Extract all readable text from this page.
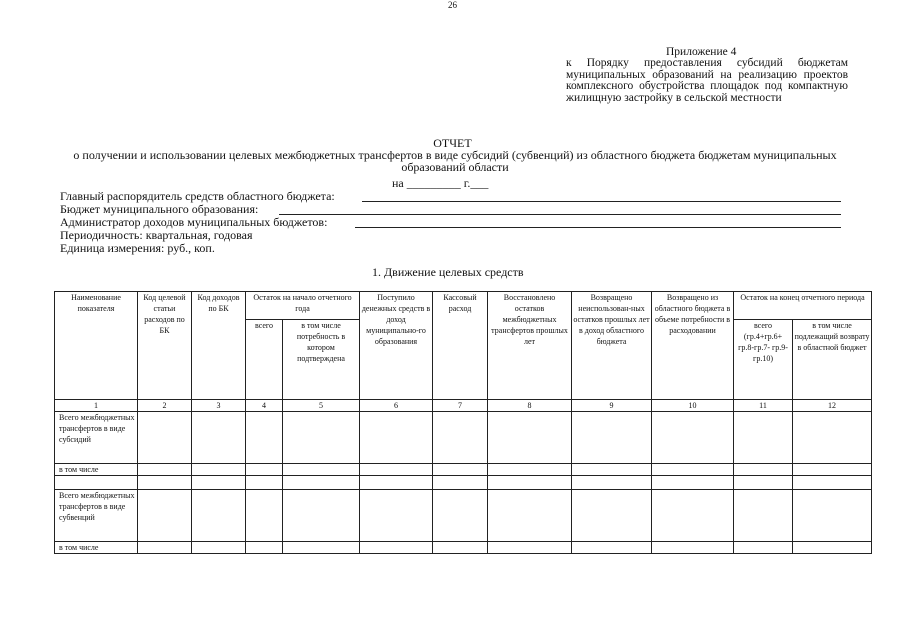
26
Приложение 4
к Порядку предоставления субсидий бюджетам муниципальных образований на реализацию проектов комплексного обустройства площадок под компактную жилищную застройку в сельской местности
ОТЧЕТ
о получении и использовании целевых межбюджетных трансфертов в виде субсидий (субвенций) из областного бюджета бюджетам муниципальных образований области
на _________ г.___
Главный распорядитель средств областного бюджета:
Бюджет муниципального образования:
Администратор доходов муниципальных бюджетов:
Периодичность: квартальная, годовая
Единица измерения: руб., коп.
1. Движение целевых средств
Наименование показателя	Код целевой статьи расходов по БК	Код доходов по БК	Остаток на начало отчетного года		Поступило денежных средств в доход муниципально-го образования	Кассовый расход	Восстановлено остатков межбюджетных трансфертов прошлых лет	Возвращено неиспользован-ных остатков прошлых лет в доход областного бюджета	Возвращено из областного бюджета в объеме потребности в расходовании	Остаток на конец отчетного периода	
			всего	в том числе потребность в котором подтверждена						всего (гр.4+гр.6+ гр.8-гр.7- гр.9-гр.10)	в том числе подлежащий возврату в областной бюджет
1	2	3	4	5	6	7	8	9	10	11	12
Всего межбюджетных трансфертов в виде субсидий											
в том числе											

Всего межбюджетных трансфертов в виде субвенций											
в том числе											
